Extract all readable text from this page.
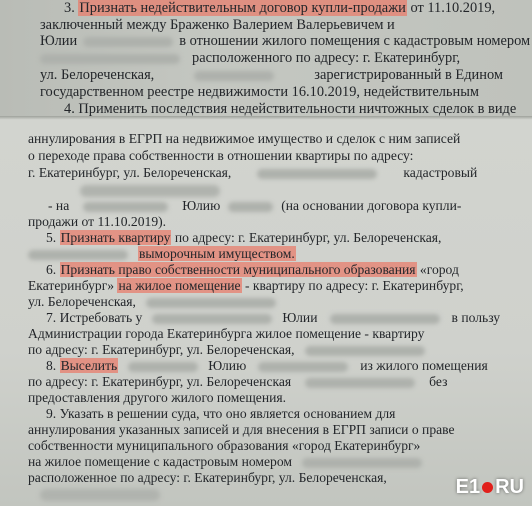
3. Признать недействительным договор купли-продажи от 11.10.2019,
заключенный между Браженко Валерием Валерьевичем и
Юлии	в отношении жилого помещения с кадастровым номером
расположенного по адресу: г. Екатеринбург,
ул. Белореченская,	зарегистрированный в Едином
государственном реестре недвижимости 16.10.2019, недействительным
4. Применить последствия недействительности ничтожных сделок в виде
аннулирования в ЕГРП на недвижимое имущество и сделок с ним записей
о переходе права собственности в отношении квартиры по адресу:
г. Екатеринбург, ул. Белореченская,	кадастровый
- на	Юлию	(на основании договора купли-
продажи от 11.10.2019).
5. Признать квартиру по адресу: г. Екатеринбург, ул. Белореченская,
выморочным имуществом.
6. Признать право собственности муниципального образования «город
Екатеринбург» на жилое помещение - квартиру по адресу: г. Екатеринбург,
ул. Белореченская,
7. Истребовать у	Юлии	в пользу
Администрации города Екатеринбурга жилое помещение - квартиру
по адресу: г. Екатеринбург, ул. Белореченская,
8. Выселить	Юлию	из жилого помещения
по адресу: г. Екатеринбург, ул. Белореченская	без
предоставления другого жилого помещения.
9. Указать в решении суда, что оно является основанием для
аннулирования указанных записей и для внесения в ЕГРП записи о праве
собственности муниципального образования «город Екатеринбург»
на жилое помещение с кадастровым номером
расположенное по адресу: г. Екатеринбург, ул. Белореченская,	E 1 RU
